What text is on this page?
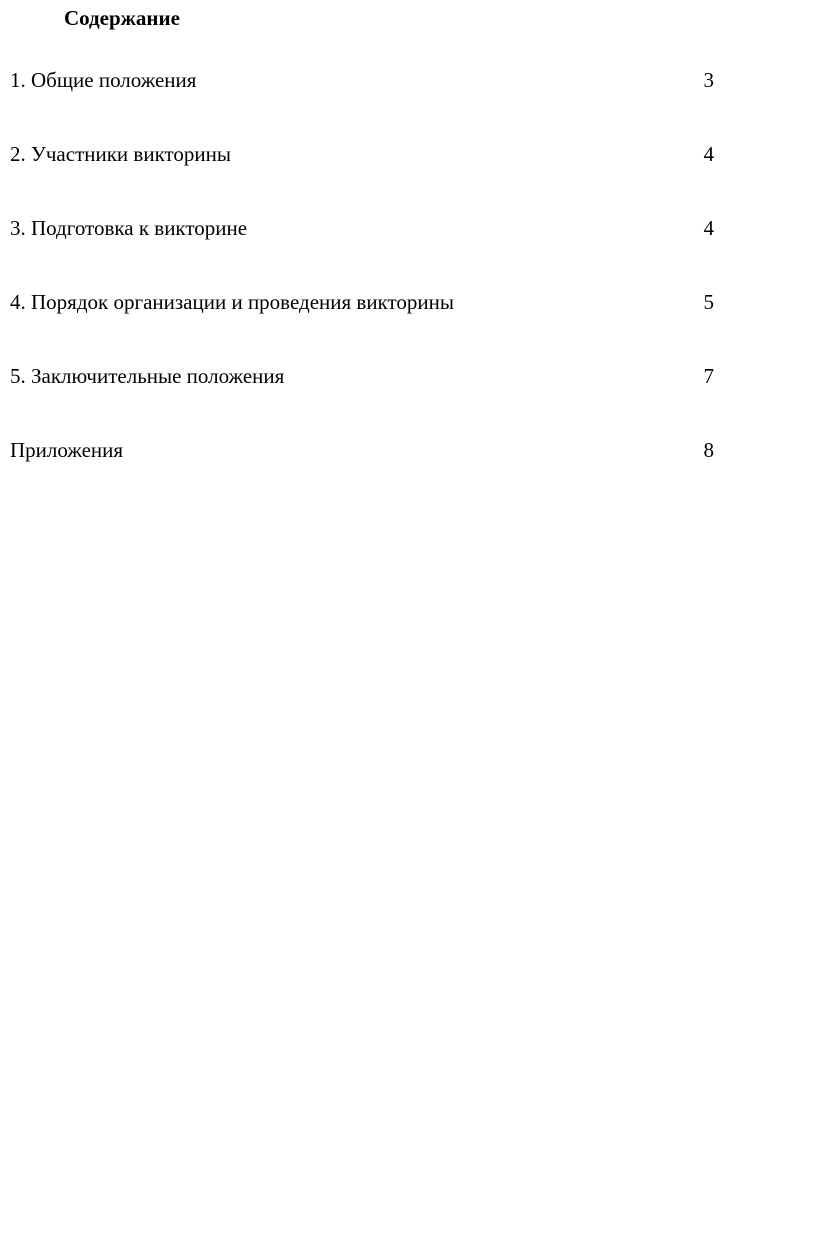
Содержание
1. Общие положения	3
2. Участники викторины	4
3. Подготовка к викторине	4
4. Порядок организации и проведения викторины	5
5. Заключительные положения	7
Приложения	8
